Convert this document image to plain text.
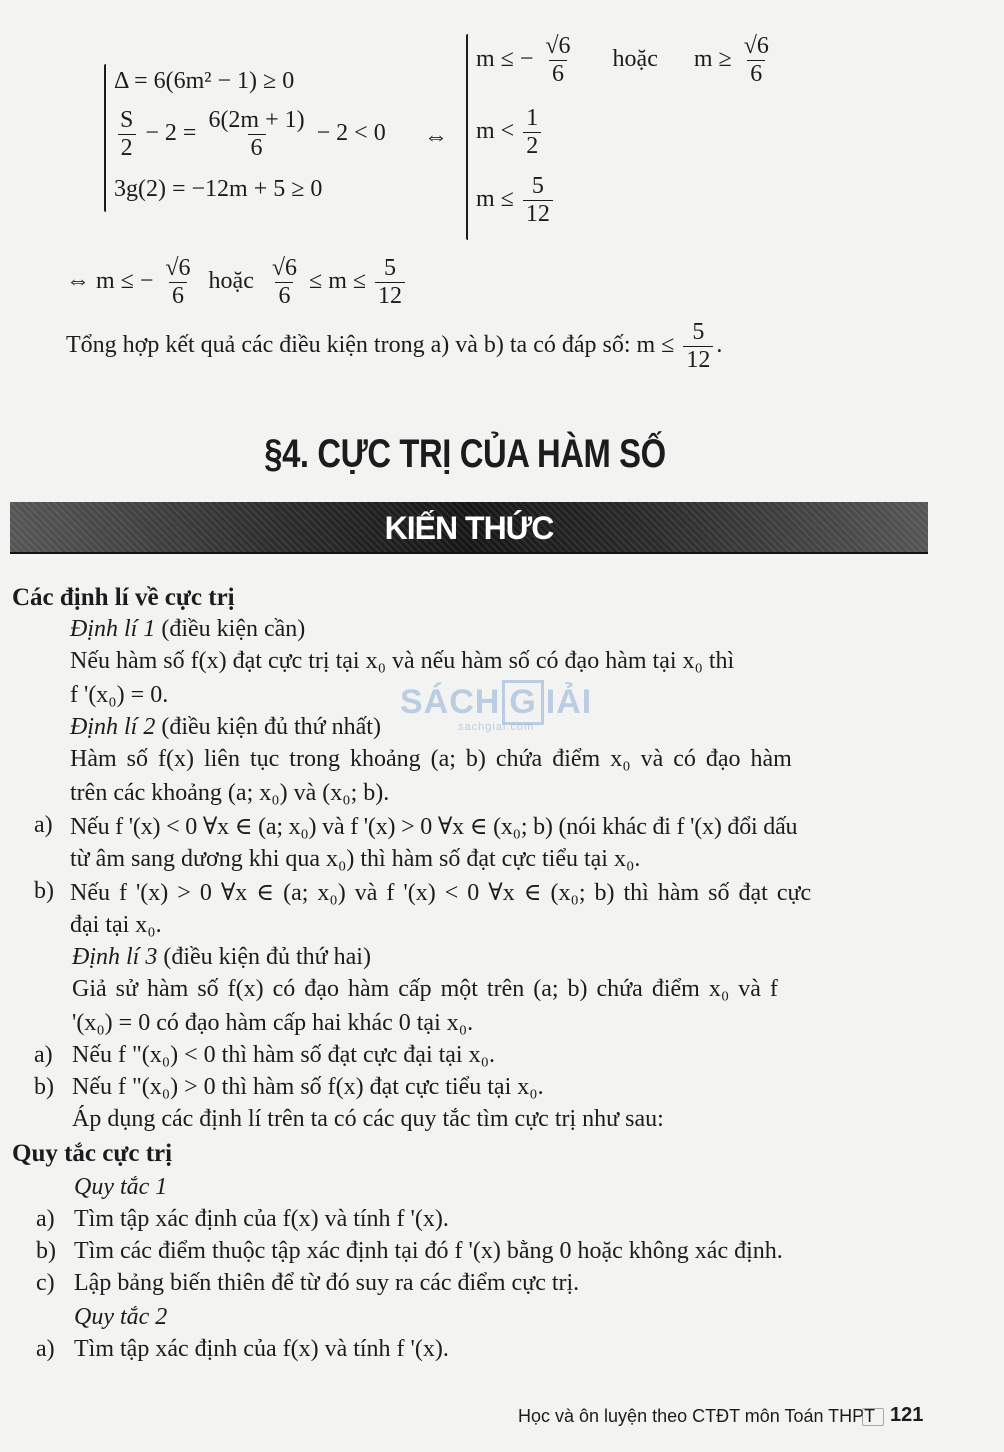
Δ = 6(6m² − 1) ≥ 0
$\frac{S}{2} - 2 = \frac{6(2m + 1)}{6} - 2 < 0$
3g(2) = −12m + 5 ≥ 0
⇔
m ≤ − $\frac{√6}{6}$ hoặc $m \ge \frac{√6}{6}$
$m < \frac{1}{2}$
$m \le \frac{5}{12}$
⇔ m ≤ − $\frac{√6}{6}$ hoặc $\frac{√6}{6} \le m \le \frac{5}{12}$
Tổng hợp kết quả các điều kiện trong a) và b) ta có đáp số: $m \le \frac{5}{12}$ .
§4. CỰC TRỊ CỦA HÀM SỐ
KIẾN THỨC
SÁCH G IẢI
sachgiai.com
Các định lí về cực trị
Định lí 1 (điều kiện cần)
Nếu hàm số f(x) đạt cực trị tại x₀ và nếu hàm số có đạo hàm tại x₀ thì
f '(x₀) = 0.
Định lí 2 (điều kiện đủ thứ nhất)
Hàm số f(x) liên tục trong khoảng (a; b) chứa điểm x₀ và có đạo hàm
trên các khoảng (a; x₀) và (x₀; b).
a) Nếu f '(x) < 0 ∀x ∈ (a; x₀) và f '(x) > 0 ∀x ∈ (x₀; b) (nói khác đi f '(x) đổi dấu
từ âm sang dương khi qua x₀) thì hàm số đạt cực tiểu tại x₀.
b) Nếu f '(x) > 0 ∀x ∈ (a; x₀) và f '(x) < 0 ∀x ∈ (x₀; b) thì hàm số đạt cực
đại tại x₀.
Định lí 3 (điều kiện đủ thứ hai)
Giả sử hàm số f(x) có đạo hàm cấp một trên (a; b) chứa điểm x₀ và f
'(x₀) = 0 có đạo hàm cấp hai khác 0 tại x₀.
a) Nếu f "(x₀) < 0 thì hàm số đạt cực đại tại x₀.
b) Nếu f "(x₀) > 0 thì hàm số f(x) đạt cực tiểu tại x₀.
Áp dụng các định lí trên ta có các quy tắc tìm cực trị như sau:
Quy tắc cực trị
Quy tắc 1
a) Tìm tập xác định của f(x) và tính f '(x).
b) Tìm các điểm thuộc tập xác định tại đó f '(x) bằng 0 hoặc không xác định.
c) Lập bảng biến thiên để từ đó suy ra các điểm cực trị.
Quy tắc 2
a) Tìm tập xác định của f(x) và tính f '(x).
Học và ôn luyện theo CTĐT môn Toán THPT 121
